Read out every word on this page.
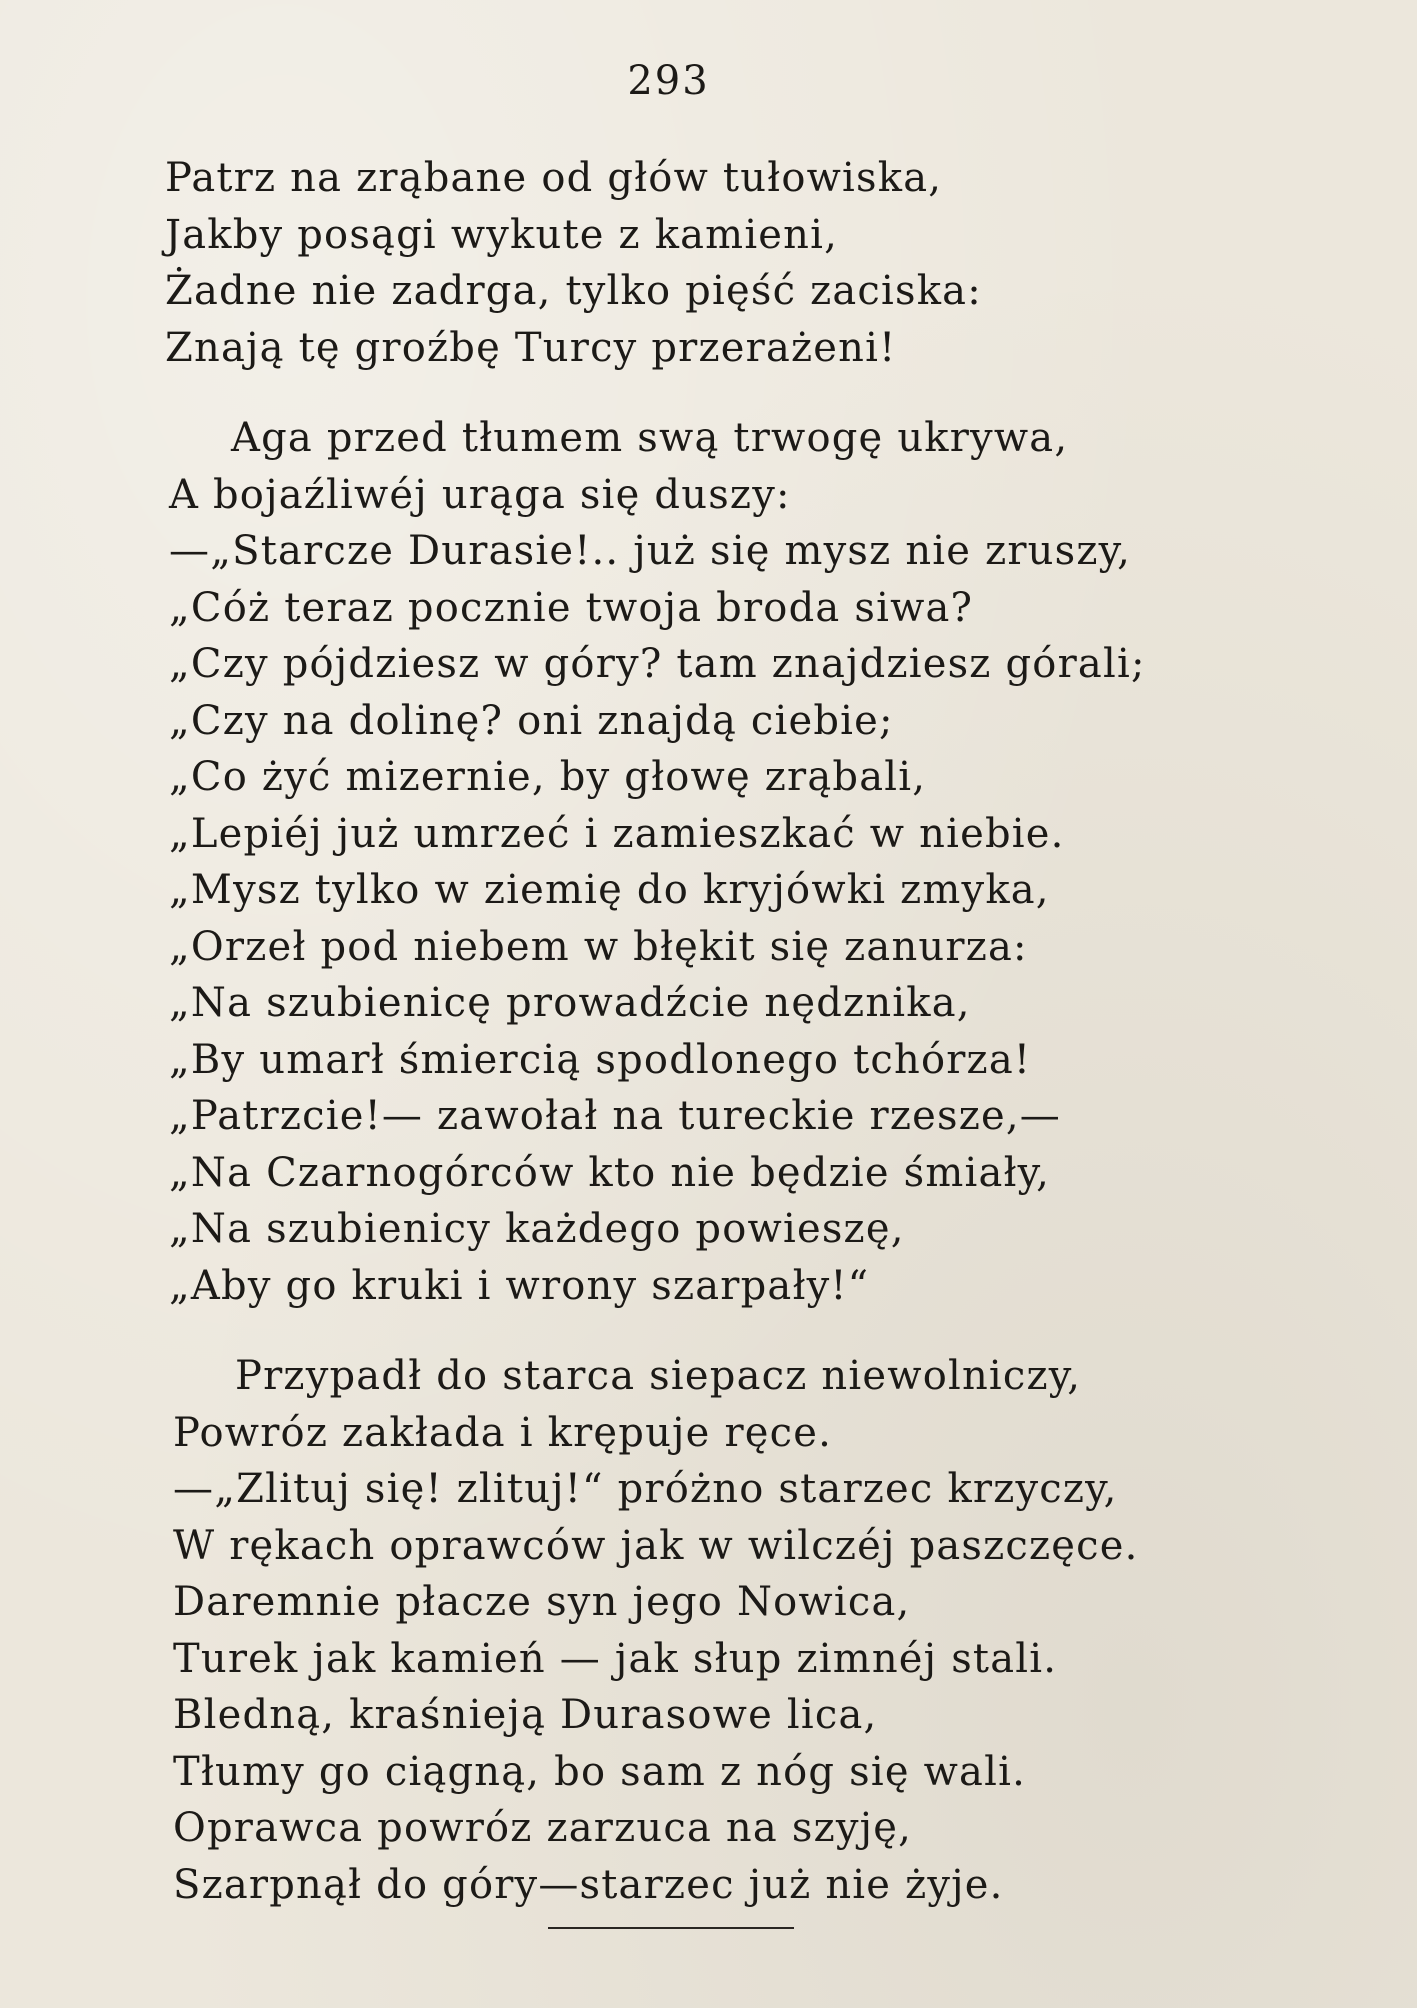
293
Patrz na zrąbane od głów tułowiska,
Jakby posągi wykute z kamieni,
Żadne nie zadrga, tylko pięść zaciska:
Znają tę groźbę Turcy przerażeni!
Aga przed tłumem swą trwogę ukrywa,
A bojaźliwéj urąga się duszy:
—„Starcze Durasie!.. już się mysz nie zruszy,
„Cóż teraz pocznie twoja broda siwa?
„Czy pójdziesz w góry? tam znajdziesz górali;
„Czy na dolinę? oni znajdą ciebie;
„Co żyć mizernie, by głowę zrąbali,
„Lepiéj już umrzeć i zamieszkać w niebie.
„Mysz tylko w ziemię do kryjówki zmyka,
„Orzeł pod niebem w błękit się zanurza:
„Na szubienicę prowadźcie nędznika,
„By umarł śmiercią spodlonego tchórza!
„Patrzcie!— zawołał na tureckie rzesze,—
„Na Czarnogórców kto nie będzie śmiały,
„Na szubienicy każdego powieszę,
„Aby go kruki i wrony szarpały!“
Przypadł do starca siepacz niewolniczy,
Powróz zakłada i krępuje ręce.
—„Zlituj się! zlituj!“ próżno starzec krzyczy,
W rękach oprawców jak w wilczéj paszczęce.
Daremnie płacze syn jego Nowica,
Turek jak kamień — jak słup zimnéj stali.
Bledną, kraśnieją Durasowe lica,
Tłumy go ciągną, bo sam z nóg się wali.
Oprawca powróz zarzuca na szyję,
Szarpnął do góry—starzec już nie żyje.
